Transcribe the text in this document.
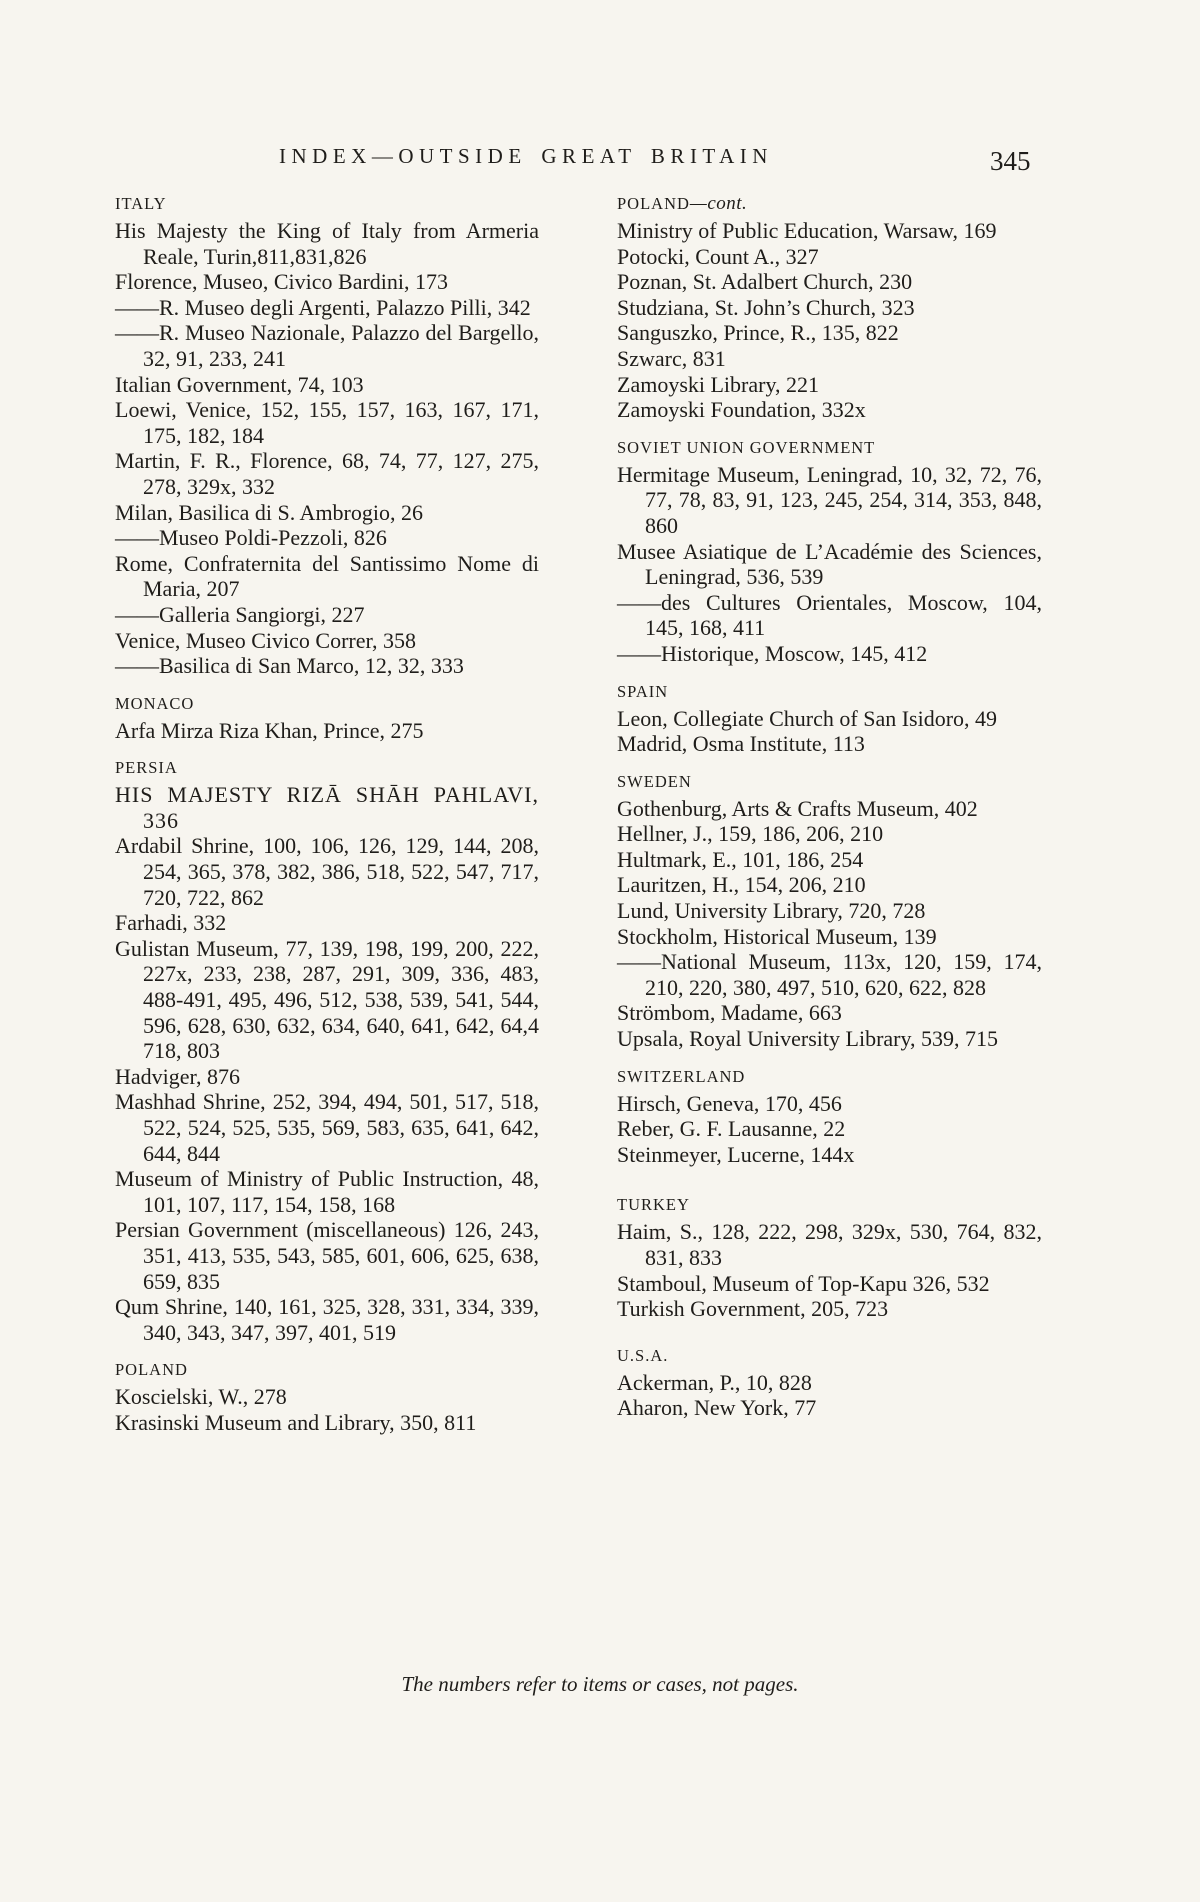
INDEX—OUTSIDE GREAT BRITAIN	345
ITALY
His Majesty the King of Italy from Armeria Reale, Turin,811,831,826
Florence, Museo, Civico Bardini, 173
——R. Museo degli Argenti, Palazzo Pilli, 342
——R. Museo Nazionale, Palazzo del Bargello, 32, 91, 233, 241
Italian Government, 74, 103
Loewi, Venice, 152, 155, 157, 163, 167, 171, 175, 182, 184
Martin, F. R., Florence, 68, 74, 77, 127, 275, 278, 329x, 332
Milan, Basilica di S. Ambrogio, 26
——Museo Poldi-Pezzoli, 826
Rome, Confraternita del Santissimo Nome di Maria, 207
——Galleria Sangiorgi, 227
Venice, Museo Civico Correr, 358
——Basilica di San Marco, 12, 32, 333
MONACO
Arfa Mirza Riza Khan, Prince, 275
PERSIA
HIS MAJESTY RIZĀ SHĀH PAHLAVI, 336
Ardabil Shrine, 100, 106, 126, 129, 144, 208, 254, 365, 378, 382, 386, 518, 522, 547, 717, 720, 722, 862
Farhadi, 332
Gulistan Museum, 77, 139, 198, 199, 200, 222, 227x, 233, 238, 287, 291, 309, 336, 483, 488-491, 495, 496, 512, 538, 539, 541, 544, 596, 628, 630, 632, 634, 640, 641, 642, 64,4 718, 803
Hadviger, 876
Mashhad Shrine, 252, 394, 494, 501, 517, 518, 522, 524, 525, 535, 569, 583, 635, 641, 642, 644, 844
Museum of Ministry of Public Instruction, 48, 101, 107, 117, 154, 158, 168
Persian Government (miscellaneous) 126, 243, 351, 413, 535, 543, 585, 601, 606, 625, 638, 659, 835
Qum Shrine, 140, 161, 325, 328, 331, 334, 339, 340, 343, 347, 397, 401, 519
POLAND
Koscielski, W., 278
Krasinski Museum and Library, 350, 811
POLAND—cont.
Ministry of Public Education, Warsaw, 169
Potocki, Count A., 327
Poznan, St. Adalbert Church, 230
Studziana, St. John’s Church, 323
Sanguszko, Prince, R., 135, 822
Szwarc, 831
Zamoyski Library, 221
Zamoyski Foundation, 332x
SOVIET UNION GOVERNMENT
Hermitage Museum, Leningrad, 10, 32, 72, 76, 77, 78, 83, 91, 123, 245, 254, 314, 353, 848, 860
Musee Asiatique de L’Académie des Sciences, Leningrad, 536, 539
——des Cultures Orientales, Moscow, 104, 145, 168, 411
——Historique, Moscow, 145, 412
SPAIN
Leon, Collegiate Church of San Isidoro, 49
Madrid, Osma Institute, 113
SWEDEN
Gothenburg, Arts & Crafts Museum, 402
Hellner, J., 159, 186, 206, 210
Hultmark, E., 101, 186, 254
Lauritzen, H., 154, 206, 210
Lund, University Library, 720, 728
Stockholm, Historical Museum, 139
——National Museum, 113x, 120, 159, 174, 210, 220, 380, 497, 510, 620, 622, 828
Strömbom, Madame, 663
Upsala, Royal University Library, 539, 715
SWITZERLAND
Hirsch, Geneva, 170, 456
Reber, G. F. Lausanne, 22
Steinmeyer, Lucerne, 144x
TURKEY
Haim, S., 128, 222, 298, 329x, 530, 764, 832, 831, 833
Stamboul, Museum of Top-Kapu 326, 532
Turkish Government, 205, 723
U.S.A.
Ackerman, P., 10, 828
Aharon, New York, 77
The numbers refer to items or cases, not pages.
